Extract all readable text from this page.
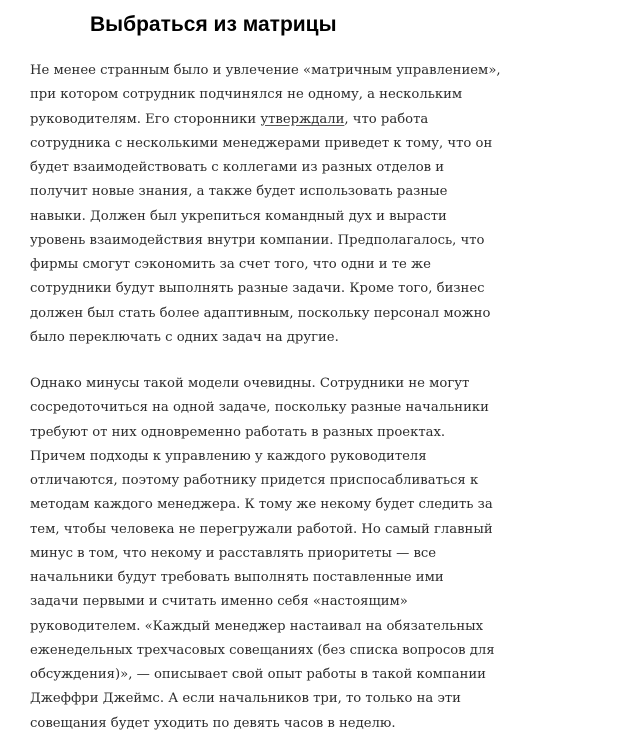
Выбраться из матрицы

Не менее странным было и увлечение «матричным управлением»,
при котором сотрудник подчинялся не одному, а нескольким
руководителям. Его сторонники утверждали, что работа
сотрудника с несколькими менеджерами приведет к тому, что он
будет взаимодействовать с коллегами из разных отделов и
получит новые знания, а также будет использовать разные
навыки. Должен был укрепиться командный дух и вырасти
уровень взаимодействия внутри компании. Предполагалось, что
фирмы смогут сэкономить за счет того, что одни и те же
сотрудники будут выполнять разные задачи. Кроме того, бизнес
должен был стать более адаптивным, поскольку персонал можно
было переключать с одних задач на другие.

Однако минусы такой модели очевидны. Сотрудники не могут
сосредоточиться на одной задаче, поскольку разные начальники
требуют от них одновременно работать в разных проектах.
Причем подходы к управлению у каждого руководителя
отличаются, поэтому работнику придется приспосабливаться к
методам каждого менеджера. К тому же некому будет следить за
тем, чтобы человека не перегружали работой. Но самый главный
минус в том, что некому и расставлять приоритеты — все
начальники будут требовать выполнять поставленные ими
задачи первыми и считать именно себя «настоящим»
руководителем. «Каждый менеджер настаивал на обязательных
еженедельных трехчасовых совещаниях (без списка вопросов для
обсуждения)», — описывает свой опыт работы в такой компании
Джеффри Джеймс. А если начальников три, то только на эти
совещания будет уходить по девять часов в неделю.
